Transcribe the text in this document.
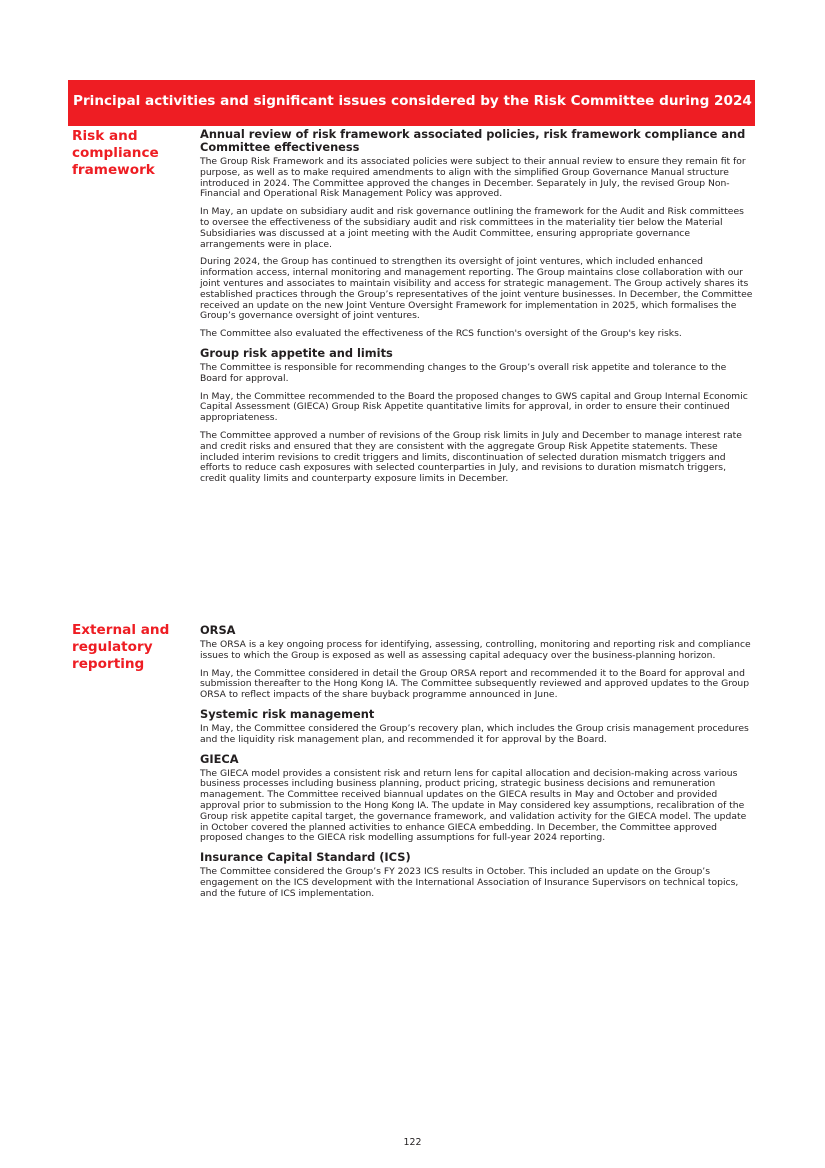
Principal activities and significant issues considered by the Risk Committee during 2024
Risk and
compliance
framework
Annual review of risk framework associated policies, risk framework compliance and Committee effectiveness

The Group Risk Framework and its associated policies were subject to their annual review to ensure they remain fit for purpose, as well as to make required amendments to align with the simplified Group Governance Manual structure introduced in 2024. The Committee approved the changes in December. Separately in July, the revised Group Non-Financial and Operational Risk Management Policy was approved.

In May, an update on subsidiary audit and risk governance outlining the framework for the Audit and Risk committees to oversee the effectiveness of the subsidiary audit and risk committees in the materiality tier below the Material Subsidiaries was discussed at a joint meeting with the Audit Committee, ensuring appropriate governance arrangements were in place.

During 2024, the Group has continued to strengthen its oversight of joint ventures, which included enhanced information access, internal monitoring and management reporting. The Group maintains close collaboration with our joint ventures and associates to maintain visibility and access for strategic management. The Group actively shares its established practices through the Group’s representatives of the joint venture businesses. In December, the Committee received an update on the new Joint Venture Oversight Framework for implementation in 2025, which formalises the Group’s governance oversight of joint ventures.

The Committee also evaluated the effectiveness of the RCS function's oversight of the Group's key risks.

Group risk appetite and limits

The Committee is responsible for recommending changes to the Group’s overall risk appetite and tolerance to the Board for approval.

In May, the Committee recommended to the Board the proposed changes to GWS capital and Group Internal Economic Capital Assessment (GIECA) Group Risk Appetite quantitative limits for approval, in order to ensure their continued appropriateness.

The Committee approved a number of revisions of the Group risk limits in July and December to manage interest rate and credit risks and ensured that they are consistent with the aggregate Group Risk Appetite statements. These included interim revisions to credit triggers and limits, discontinuation of selected duration mismatch triggers and efforts to reduce cash exposures with selected counterparties in July, and revisions to duration mismatch triggers, credit quality limits and counterparty exposure limits in December.

External and
regulatory
reporting
ORSA

The ORSA is a key ongoing process for identifying, assessing, controlling, monitoring and reporting risk and compliance issues to which the Group is exposed as well as assessing capital adequacy over the business-planning horizon.

In May, the Committee considered in detail the Group ORSA report and recommended it to the Board for approval and submission thereafter to the Hong Kong IA. The Committee subsequently reviewed and approved updates to the Group ORSA to reflect impacts of the share buyback programme announced in June.

Systemic risk management

In May, the Committee considered the Group’s recovery plan, which includes the Group crisis management procedures and the liquidity risk management plan, and recommended it for approval by the Board.

GIECA

The GIECA model provides a consistent risk and return lens for capital allocation and decision-making across various business processes including business planning, product pricing, strategic business decisions and remuneration management. The Committee received biannual updates on the GIECA results in May and October and provided approval prior to submission to the Hong Kong IA. The update in May considered key assumptions, recalibration of the Group risk appetite capital target, the governance framework, and validation activity for the GIECA model. The update in October covered the planned activities to enhance GIECA embedding. In December, the Committee approved proposed changes to the GIECA risk modelling assumptions for full-year 2024 reporting.

Insurance Capital Standard (ICS)

The Committee considered the Group’s FY 2023 ICS results in October. This included an update on the Group’s engagement on the ICS development with the International Association of Insurance Supervisors on technical topics, and the future of ICS implementation.

122
